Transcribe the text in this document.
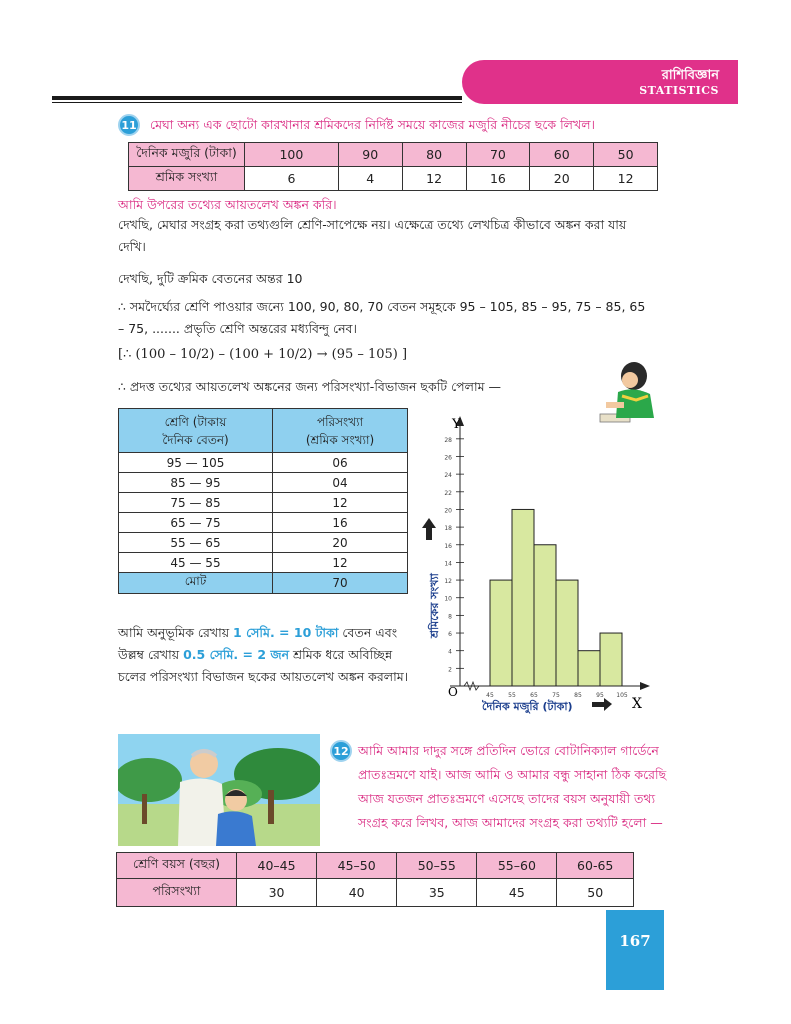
রাশিবিজ্ঞান
STATISTICS
11 মেঘা অন্য এক ছোটো কারখানার শ্রমিকদের নির্দিষ্ট সময়ে কাজের মজুরি নীচের ছকে লিখল।
দৈনিক মজুরি (টাকা)	100	90	80	70	60	50
শ্রমিক সংখ্যা	6	4	12	16	20	12
আমি উপরের তথ্যের আয়তলেখ অঙ্কন করি।
দেখছি, মেঘার সংগ্রহ করা তথ্যগুলি শ্রেণি-সাপেক্ষে নয়। এক্ষেত্রে তথ্যে লেখচিত্র কীভাবে অঙ্কন করা যায়
দেখি।
দেখছি, দুটি ক্রমিক বেতনের অন্তর 10
∴ সমদৈর্ঘ্যের শ্রেণি পাওয়ার জন্যে 100, 90, 80, 70 বেতন সমূহকে 95 – 105, 85 – 95, 75 – 85, 65
– 75, ....... প্রভৃতি শ্রেণি অন্তরের মধ্যবিন্দু নেব।
[∴ (100 – 10/2) – (100 + 10/2) → (95 – 105) ]
∴ প্রদত্ত তথ্যের আয়তলেখ অঙ্কনের জন্য পরিসংখ্যা-বিভাজন ছকটি পেলাম —
শ্রেণি (টাকায়
দৈনিক বেতন)	পরিসংখ্যা
(শ্রমিক সংখ্যা)
95 — 105	06
85 — 95	04
75 — 85	12
65 — 75	16
55 — 65	20
45 — 55	12
মোট	70
আমি অনুভূমিক রেখায় 1 সেমি. = 10 টাকা বেতন এবং
উল্লম্ব রেখায় 0.5 সেমি. = 2 জন শ্রমিক ধরে অবিচ্ছিন্ন
চলের পরিসংখ্যা বিভাজন ছকের আয়তলেখ অঙ্কন করলাম।	2
4
6
8
10
12
14
16
18
20
22
24
26
28
45 55 65 75 85 95 105
Y
X
O
দৈনিক মজুরি (টাকা)
শ্রমিকের সংখ্যা
12 আমি আমার দাদুর সঙ্গে প্রতিদিন ভোরে বোটানিক্যাল গার্ডেনে
প্রাতঃভ্রমণে যাই। আজ আমি ও আমার বন্ধু সাহানা ঠিক করেছি
আজ যতজন প্রাতঃভ্রমণে এসেছে তাদের বয়স অনুযায়ী তথ্য
সংগ্রহ করে লিখব, আজ আমাদের সংগ্রহ করা তথ্যটি হলো —
শ্রেণি বয়স (বছর)	40–45	45–50	50–55	55–60	60-65
পরিসংখ্যা	30	40	35	45	50
167
